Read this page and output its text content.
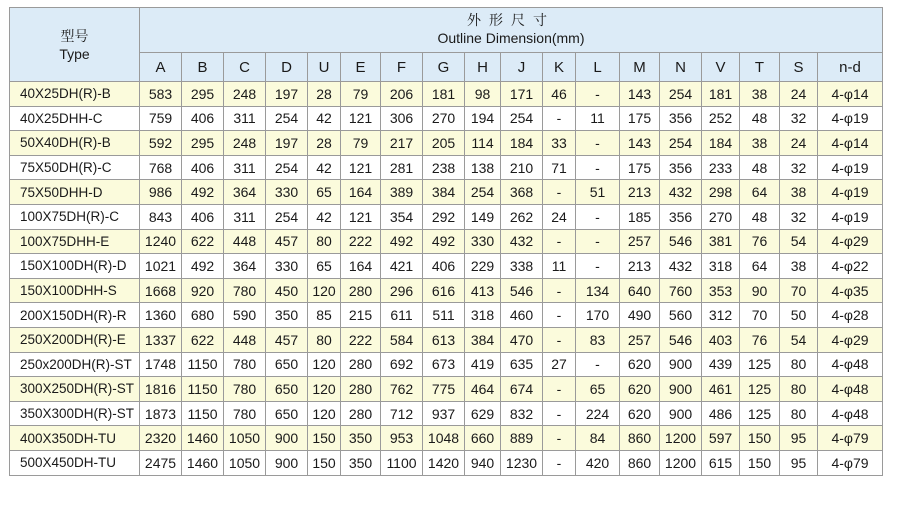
型号
Type	外形尺寸																	
	Outline Dimension(mm)																	
	A	B	C	D	U	E	F	G	H	J	K	L	M	N	V	T	S	n-d
40X25DH(R)-B	583	295	248	197	28	79	206	181	98	171	46	-	143	254	181	38	24	4-φ14
40X25DHH-C	759	406	311	254	42	121	306	270	194	254	-	11	175	356	252	48	32	4-φ19
50X40DH(R)-B	592	295	248	197	28	79	217	205	114	184	33	-	143	254	184	38	24	4-φ14
75X50DH(R)-C	768	406	311	254	42	121	281	238	138	210	71	-	175	356	233	48	32	4-φ19
75X50DHH-D	986	492	364	330	65	164	389	384	254	368	-	51	213	432	298	64	38	4-φ19
100X75DH(R)-C	843	406	311	254	42	121	354	292	149	262	24	-	185	356	270	48	32	4-φ19
100X75DHH-E	1240	622	448	457	80	222	492	492	330	432	-	-	257	546	381	76	54	4-φ29
150X100DH(R)-D	1021	492	364	330	65	164	421	406	229	338	11	-	213	432	318	64	38	4-φ22
150X100DHH-S	1668	920	780	450	120	280	296	616	413	546	-	134	640	760	353	90	70	4-φ35
200X150DH(R)-R	1360	680	590	350	85	215	611	511	318	460	-	170	490	560	312	70	50	4-φ28
250X200DH(R)-E	1337	622	448	457	80	222	584	613	384	470	-	83	257	546	403	76	54	4-φ29
250x200DH(R)-ST	1748	1150	780	650	120	280	692	673	419	635	27	-	620	900	439	125	80	4-φ48
300X250DH(R)-ST	1816	1150	780	650	120	280	762	775	464	674	-	65	620	900	461	125	80	4-φ48
350X300DH(R)-ST	1873	1150	780	650	120	280	712	937	629	832	-	224	620	900	486	125	80	4-φ48
400X350DH-TU	2320	1460	1050	900	150	350	953	1048	660	889	-	84	860	1200	597	150	95	4-φ79
500X450DH-TU	2475	1460	1050	900	150	350	1100	1420	940	1230	-	420	860	1200	615	150	95	4-φ79
